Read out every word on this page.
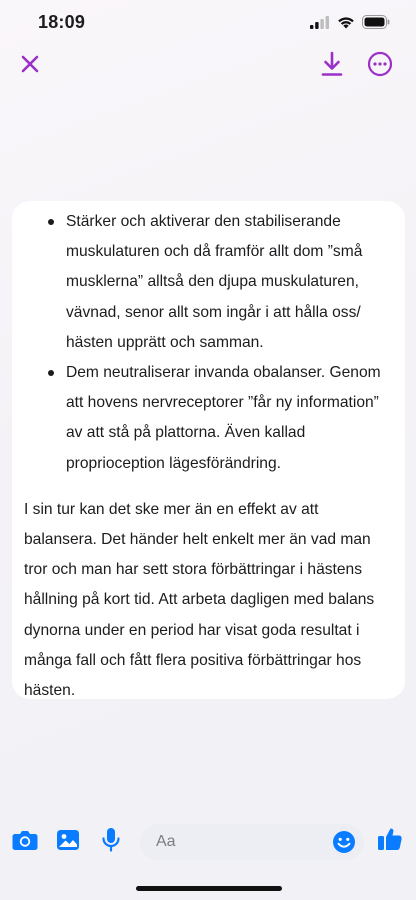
18:09
Stärker och aktiverar den stabiliserande muskulaturen och då framför allt dom ”små musklerna” alltså den djupa muskulaturen, vävnad, senor allt som ingår i att hålla oss/ hästen upprätt och samman.
Dem neutraliserar invanda obalanser. Genom att hovens nervreceptorer ”får ny information” av att stå på plattorna. Även kallad proprioception lägesförändring.

I sin tur kan det ske mer än en effekt av att balansera. Det händer helt enkelt mer än vad man tror och man har sett stora förbättringar i hästens hållning på kort tid. Att arbeta dagligen med balans dynorna under en period har visat goda resultat i många fall och fått flera positiva förbättringar hos hästen.

Aa
